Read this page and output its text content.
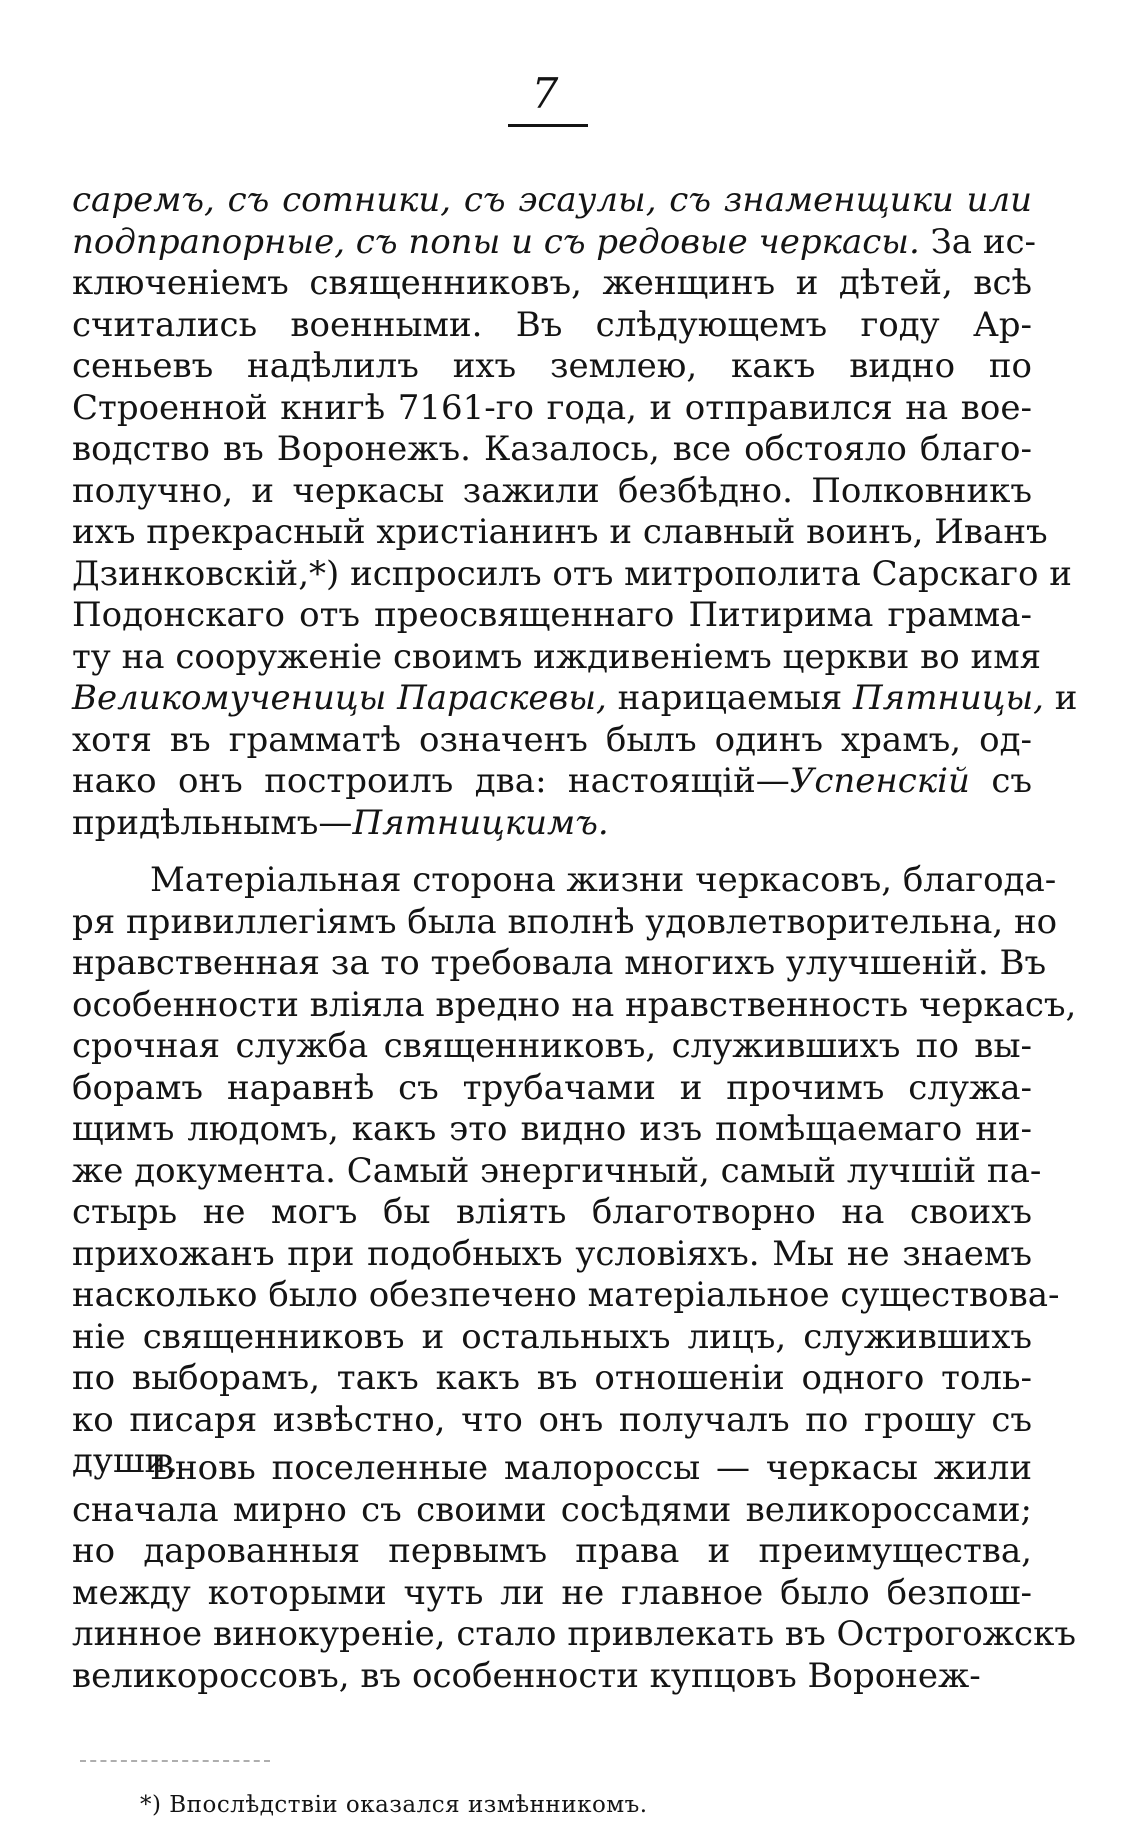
7
саремъ, съ сотники, съ эсаулы, съ знаменщики или
подпрапорные, съ попы и съ редовые черкасы. За ис-
ключеніемъ священниковъ, женщинъ и дѣтей, всѣ
считались военными. Въ слѣдующемъ году Ар-
сеньевъ надѣлилъ ихъ землею, какъ видно по
Строенной книгѣ 7161-го года, и отправился на вое-
водство въ Воронежъ. Казалось, все обстояло благо-
получно, и черкасы зажили безбѣдно. Полковникъ
ихъ прекрасный христіанинъ и славный воинъ, Иванъ
Дзинковскій,*) испросилъ отъ митрополита Сарскаго и
Подонскаго отъ преосвященнаго Питирима грамма-
ту на сооруженіе своимъ иждивеніемъ церкви во имя
Великомученицы Параскевы, нарицаемыя Пятницы, и
хотя въ грамматѣ означенъ былъ одинъ храмъ, од-
нако онъ построилъ два: настоящій—Успенскій съ
придѣльнымъ—Пятницкимъ.
Матеріальная сторона жизни черкасовъ, благода-
ря привиллегіямъ была вполнѣ удовлетворительна, но
нравственная за то требовала многихъ улучшеній. Въ
особенности вліяла вредно на нравственность черкасъ,
срочная служба священниковъ, служившихъ по вы-
борамъ наравнѣ съ трубачами и прочимъ служа-
щимъ людомъ, какъ это видно изъ помѣщаемаго ни-
же документа. Самый энергичный, самый лучшій па-
стырь не могъ бы вліять благотворно на своихъ
прихожанъ при подобныхъ условіяхъ. Мы не знаемъ
насколько было обезпечено матеріальное существова-
ніе священниковъ и остальныхъ лицъ, служившихъ
по выборамъ, такъ какъ въ отношеніи одного толь-
ко писаря извѣстно, что онъ получалъ по грошу съ
души.
Вновь поселенные малороссы — черкасы жили
сначала мирно съ своими сосѣдями великороссами;
но дарованныя первымъ права и преимущества,
между которыми чуть ли не главное было безпош-
линное винокуреніе, стало привлекать въ Острогожскъ
великороссовъ, въ особенности купцовъ Воронеж-
*) Впослѣдствіи оказался измѣнникомъ.
